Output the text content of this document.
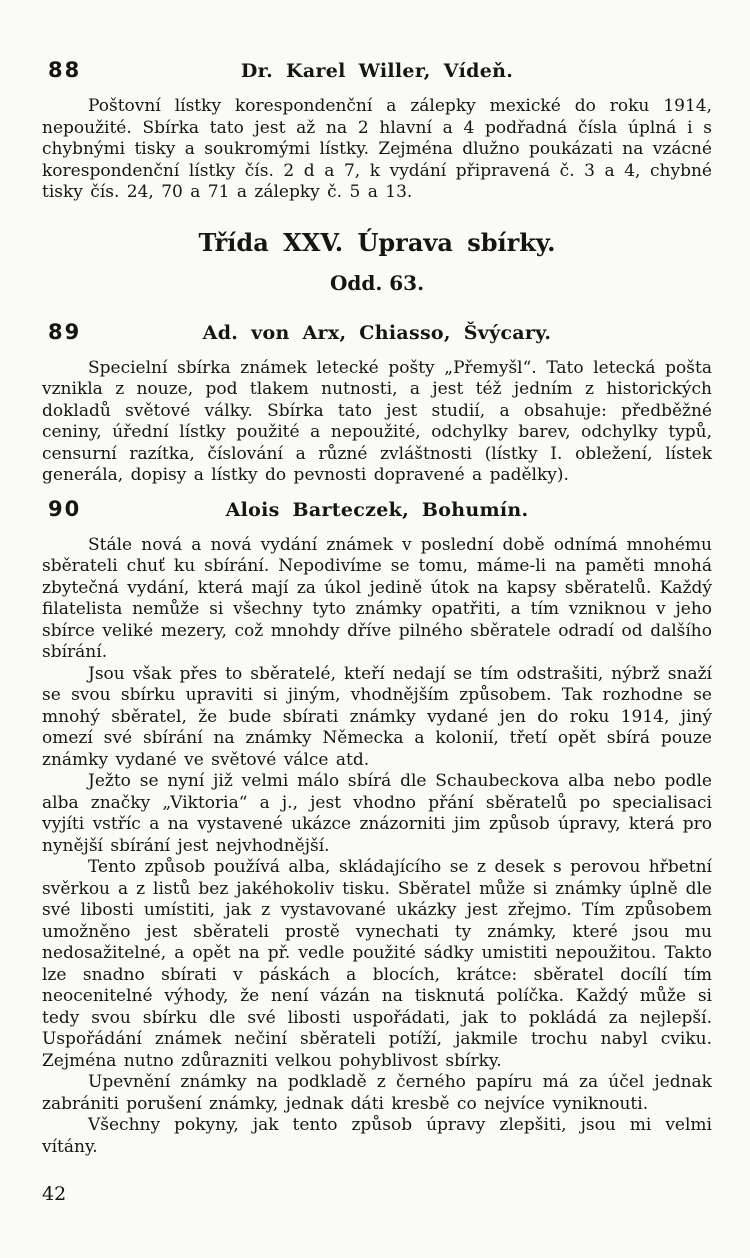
88	Dr. Karel Willer, Vídeň.

Poštovní lístky korespondenční a zálepky mexické do roku 1914, nepoužité. Sbírka tato jest až na 2 hlavní a 4 podřadná čísla úplná i s chybnými tisky a soukromými lístky. Zejména dlužno poukázati na vzácné korespondenční lístky čís. 2 d a 7, k vydání připravená č. 3 a 4, chybné tisky čís. 24, 70 a 71 a zálepky č. 5 a 13.

Třída XXV. Úprava sbírky.
Odd. 63.
89	Ad. von Arx, Chiasso, Švýcary.

Specielní sbírka známek letecké pošty „Přemyšl“. Tato letecká pošta vznikla z nouze, pod tlakem nutnosti, a jest též jedním z historických dokladů světové války. Sbírka tato jest studií, a obsahuje: předběžné ceniny, úřední lístky použité a nepoužité, odchylky barev, odchylky typů, censurní razítka, číslování a různé zvláštnosti (lístky I. obležení, lístek generála, dopisy a lístky do pevnosti dopravené a padělky).

90	Alois Barteczek, Bohumín.

Stále nová a nová vydání známek v poslední době odnímá mnohému sběrateli chuť ku sbírání. Nepodivíme se tomu, máme-li na paměti mnohá zbytečná vydání, která mají za úkol jedině útok na kapsy sběratelů. Každý filatelista nemůže si všechny tyto známky opatřiti, a tím vzniknou v jeho sbírce veliké mezery, což mnohdy dříve pilného sběratele odradí od dalšího sbírání.

Jsou však přes to sběratelé, kteří nedají se tím odstrašiti, nýbrž snaží se svou sbírku upraviti si jiným, vhodnějším způsobem. Tak rozhodne se mnohý sběratel, že bude sbírati známky vydané jen do roku 1914, jiný omezí své sbírání na známky Německa a kolonií, třetí opět sbírá pouze známky vydané ve světové válce atd.

Ježto se nyní již velmi málo sbírá dle Schaubeckova alba nebo podle alba značky „Viktoria“ a j., jest vhodno přání sběratelů po specialisaci vyjíti vstříc a na vystavené ukázce znázorniti jim způsob úpravy, která pro nynější sbírání jest nejvhodnější.

Tento způsob používá alba, skládajícího se z desek s perovou hřbetní svěrkou a z listů bez jakéhokoliv tisku. Sběratel může si známky úplně dle své libosti umístiti, jak z vystavované ukázky jest zřejmo. Tím způsobem umožněno jest sběrateli prostě vynechati ty známky, které jsou mu nedosažitelné, a opět na př. vedle použité sádky umistiti nepoužitou. Takto lze snadno sbírati v páskách a blocích, krátce: sběratel docílí tím neocenitelné výhody, že není vázán na tisknutá políčka. Každý může si tedy svou sbírku dle své libosti uspořádati, jak to pokládá za nejlepší. Uspořádání známek nečiní sběrateli potíží, jakmile trochu nabyl cviku. Zejména nutno zdůrazniti velkou pohyblivost sbírky.

Upevnění známky na podkladě z černého papíru má za účel jednak zabrániti porušení známky, jednak dáti kresbě co nejvíce vyniknouti.

Všechny pokyny, jak tento způsob úpravy zlepšiti, jsou mi velmi vítány.

42
